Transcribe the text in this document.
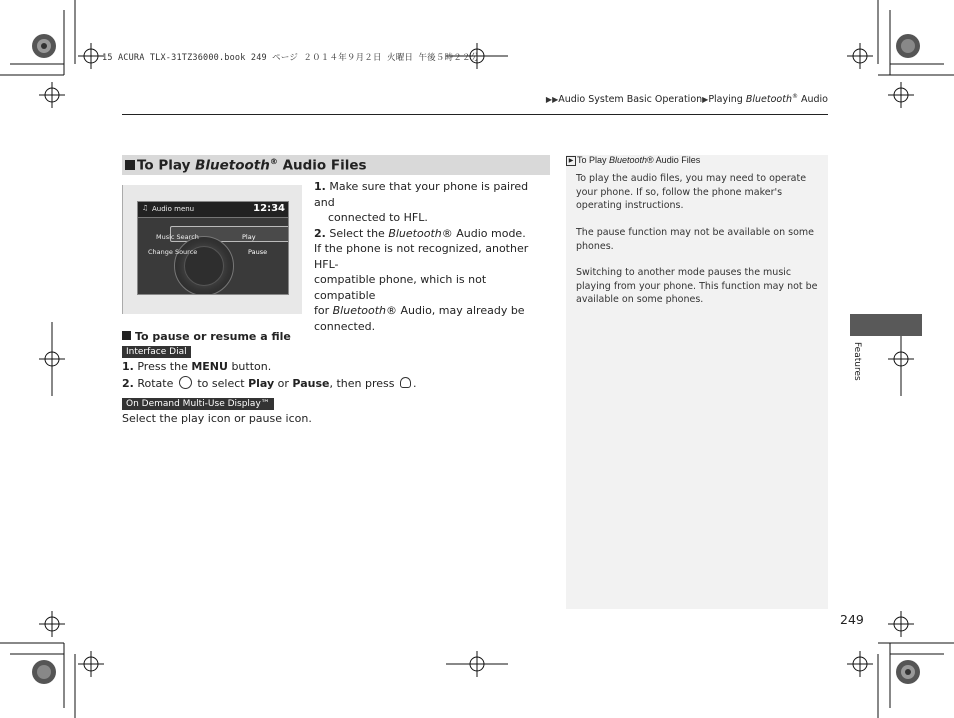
15 ACURA TLX-31TZ36000.book 249 ページ ２０１４年９月２日 火曜日 午後５時２２分
▶▶Audio System Basic Operation▶Playing Bluetooth® Audio
To Play Bluetooth® Audio Files
♫ Audio menu	12:34
Music Search	Play
Change Source	Pause
1. Make sure that your phone is paired and
connected to HFL.
2. Select the Bluetooth® Audio mode.
If the phone is not recognized, another HFL-
compatible phone, which is not compatible
for Bluetooth® Audio, may already be
connected.
To pause or resume a file
Interface Dial
1. Press the MENU button.
2. Rotate  to select Play or Pause, then press .
On Demand Multi-Use Display™
Select the play icon or pause icon.
▶ To Play Bluetooth® Audio Files
To play the audio files, you may need to operate your phone. If so, follow the phone maker's operating instructions.
The pause function may not be available on some phones.
Switching to another mode pauses the music playing from your phone. This function may not be available on some phones.
Features
249
